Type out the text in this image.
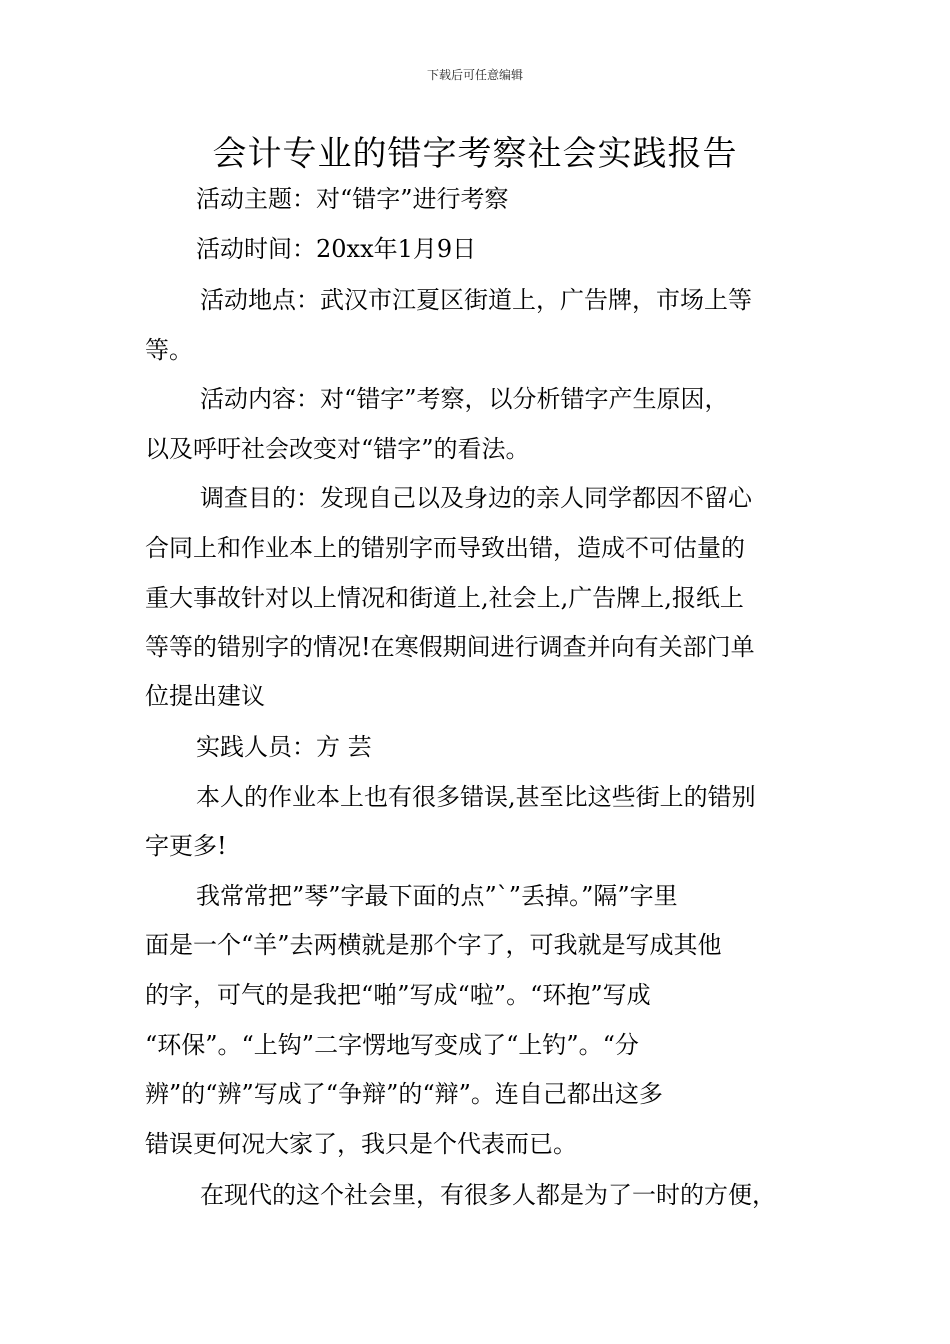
下载后可任意编辑
会计专业的错字考察社会实践报告
活动主题：对“错字”进行考察
活动时间：20xx年1月9日
活动地点：武汉市江夏区街道上，广告牌，市场上等
等。
活动内容：对“错字”考察，以分析错字产生原因，
以及呼吁社会改变对“错字”的看法。
调查目的：发现自己以及身边的亲人同学都因不留心
合同上和作业本上的错别字而导致出错，造成不可估量的
重大事故针对以上情况和街道上,社会上,广告牌上,报纸上
等等的错别字的情况!在寒假期间进行调查并向有关部门单
位提出建议
实践人员：方 芸
本人的作业本上也有很多错误,甚至比这些街上的错别
字更多!
我常常把”琴”字最下面的点”`”丢掉。”隔”字里
面是一个“羊”去两横就是那个字了，可我就是写成其他
的字，可气的是我把“啪”写成“啦”。“环抱”写成
“环保”。“上钩”二字愣地写变成了“上钓”。“分
辨”的“辨”写成了“争辩”的“辩”。连自己都出这多
错误更何况大家了，我只是个代表而已。
在现代的这个社会里，有很多人都是为了一时的方便，
